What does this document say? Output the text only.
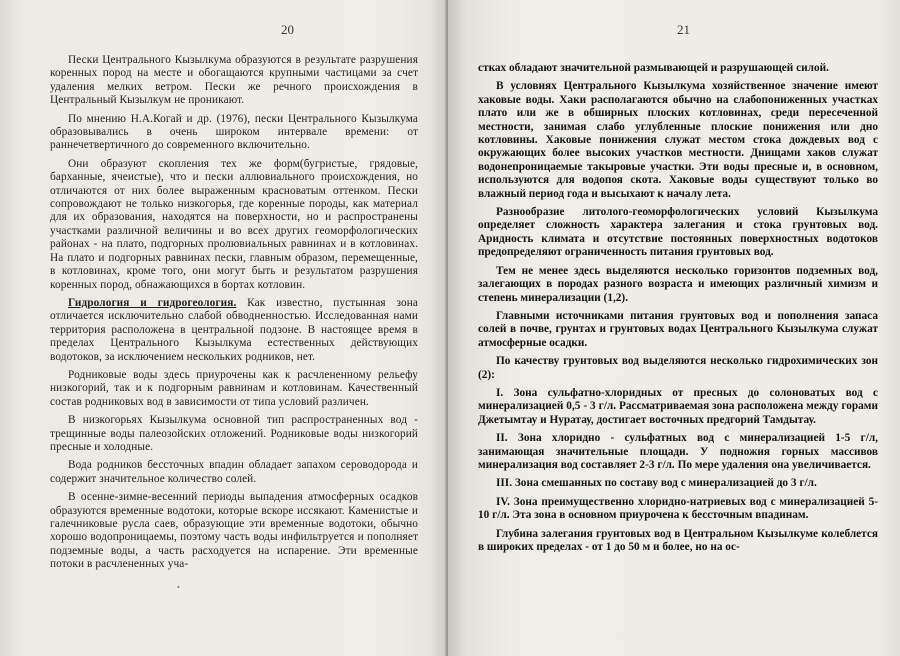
20

Пески Центрального Кызылкума образуются в результате разрушения коренных пород на месте и обогащаются крупными частицами за счет удаления мелких ветром. Пески же речного происхождения в Центральный Кызылкум не проникают.

По мнению Н.А.Когай и др. (1976), пески Центрального Кызылкума образовывались в очень широком интервале времени: от раннечетвертичного до современного включительно.

Они образуют скопления тех же форм(бугристые, грядовые, барханные, ячеистые), что и пески аллювиального происхождения, но отличаются от них более выраженным красноватым оттенком. Пески сопровождают не только низкогорья, где коренные породы, как материал для их образования, находятся на поверхности, но и распространены участками различной величины и во всех других геоморфологических районах - на плато, подгорных пролювиальных равнинах и в котловинах. На плато и подгорных равнинах пески, главным образом, перемещенные, в котловинах, кроме того, они могут быть и результатом разрушения коренных пород, обнажающихся в бортах котловин.

Гидрология и гидрогеология. Как известно, пустынная зона отличается исключительно слабой обводненностью. Исследованная нами территория расположена в центральной подзоне. В настоящее время в пределах Центрального Кызылкума естественных действующих водотоков, за исключением нескольких родников, нет.

Родниковые воды здесь приурочены как к расчлененному рельефу низкогорий, так и к подгорным равнинам и котловинам. Качественный состав родниковых вод в зависимости от типа условий различен.

В низкогорьях Кызылкума основной тип распространенных вод - трещинные воды палеозойских отложений. Родниковые воды низкогорий пресные и холодные.

Вода родников бессточных впадин обладает запахом сероводорода и содержит значительное количество солей.

В осенне-зимне-весенний периоды выпадения атмосферных осадков образуются временные водотоки, которые вскоре иссякают. Каменистые и галечниковые русла саев, образующие эти временные водотоки, обычно хорошо водопроницаемы, поэтому часть воды инфильтруется и пополняет подземные воды, а часть расходуется на испарение. Эти временные потоки в расчлененных уча-

•
21

стках обладают значительной размывающей и разрушающей силой.

В условиях Центрального Кызылкума хозяйственное значение имеют хаковые воды. Хаки располагаются обычно на слабопониженных участках плато или же в обширных плоских котловинах, среди пересеченной местности, занимая слабо углубленные плоские понижения или дно котловины. Хаковые понижения служат местом стока дождевых вод с окружающих более высоких участков местности. Днищами хаков служат водонепроницаемые такыровые участки. Эти воды пресные и, в основном, используются для водопоя скота. Хаковые воды существуют только во влажный период года и высыхают к началу лета.

Разнообразие литолого-геоморфологических условий Кызылкума определяет сложность характера залегания и стока грунтовых вод. Аридность климата и отсутствие постоянных поверхностных водотоков предопределяют ограниченность питания грунтовых вод.

Тем не менее здесь выделяются несколько горизонтов подземных вод, залегающих в породах разного возраста и имеющих различный химизм и степень минерализации (1,2).

Главными источниками питания грунтовых вод и пополнения запаса солей в почве, грунтах и грунтовых водах Центрального Кызылкума служат атмосферные осадки.

По качеству грунтовых вод выделяются несколько гидрохимических зон (2):

I. Зона сульфатно-хлоридных от пресных до солоноватых вод с минерализацией 0,5 - 3 г/л. Рассматриваемая зона расположена между горами Джетымтау и Нуратау, достигает восточных предгорий Тамдытау.

II. Зона хлоридно - сульфатных вод с минерализацией 1-5 г/л, занимающая значительные площади. У подножия горных массивов минерализация вод составляет 2-3 г/л. По мере удаления она увеличивается.

III. Зона смешанных по составу вод с минерализацией до 3 г/л.

IV. Зона преимущественно хлоридно-натриевых вод с минерализацией 5-10 г/л. Эта зона в основном приурочена к бессточным впадинам.

Глубина залегания грунтовых вод в Центральном Кызылкуме колеблется в широких пределах - от 1 до 50 м и более, но на ос-
